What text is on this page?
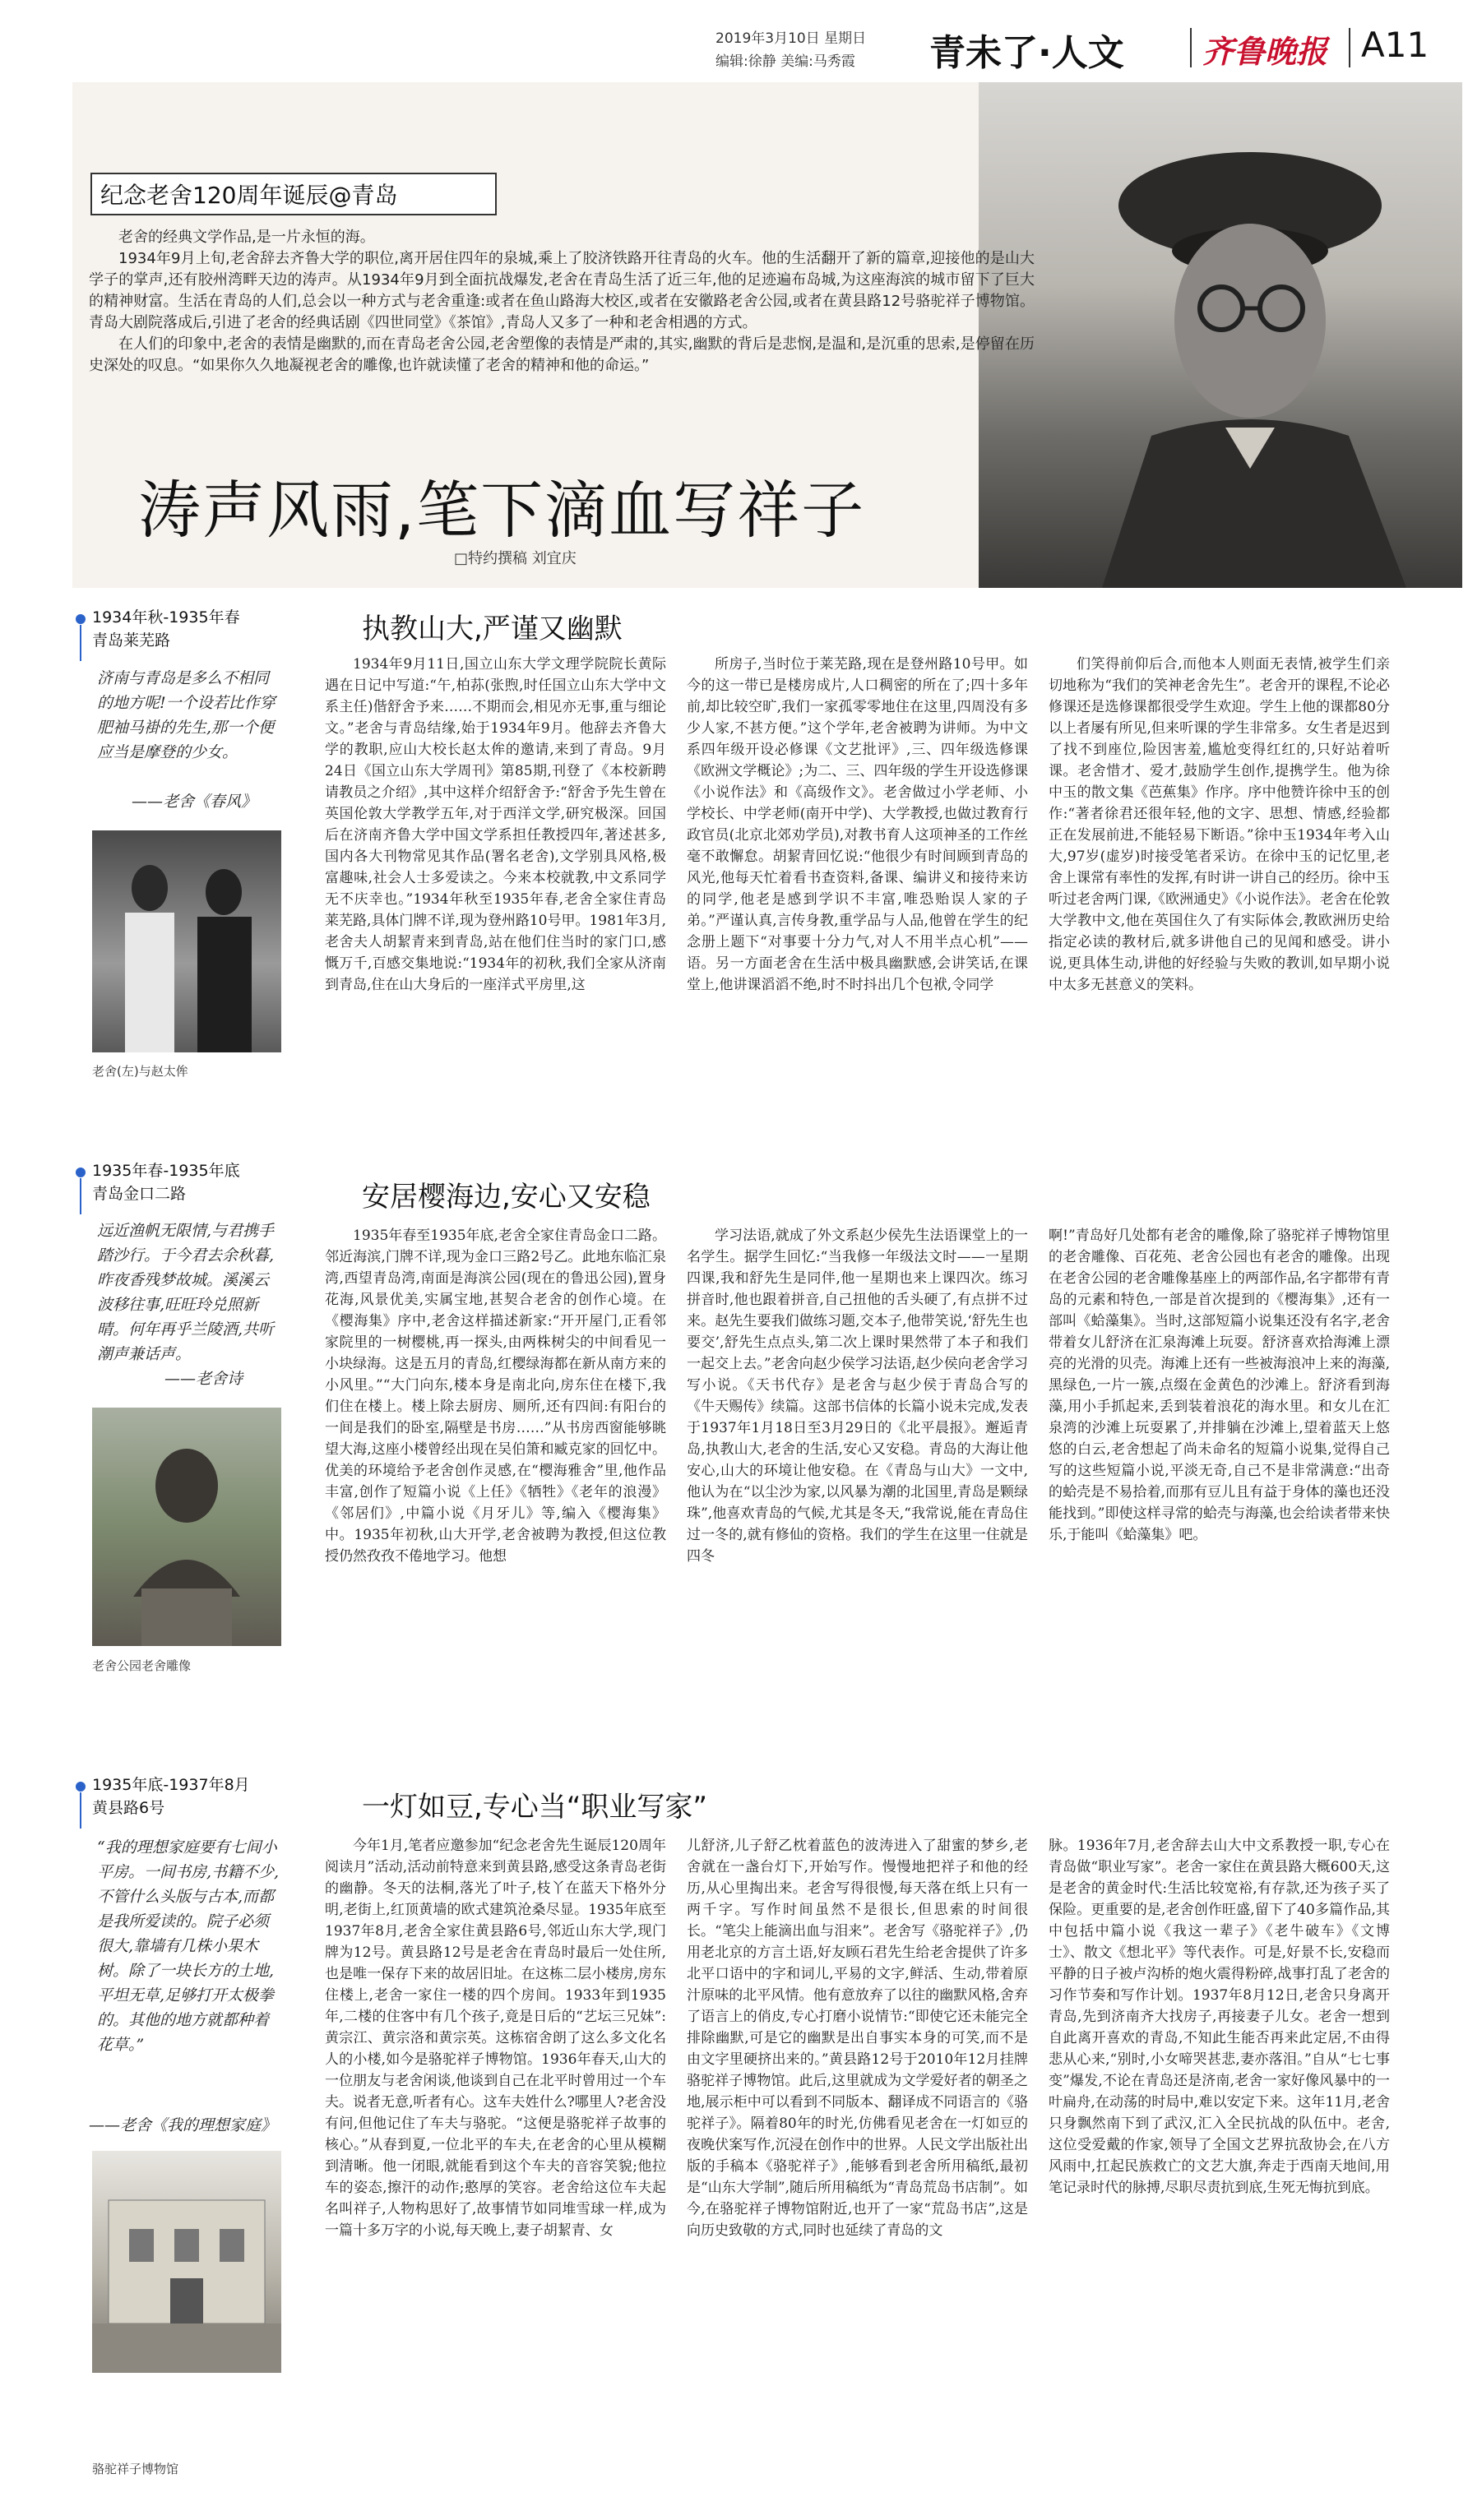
2019年3月10日 星期日
编辑:徐静 美编:马秀霞 青未了·人文	齐鲁晚报 A11
纪念老舍120周年诞辰@青岛

老舍的经典文学作品,是一片永恒的海。

1934年9月上旬,老舍辞去齐鲁大学的职位,离开居住四年的泉城,乘上了胶济铁路开往青岛的火车。他的生活翻开了新的篇章,迎接他的是山大学子的掌声,还有胶州湾畔天边的涛声。从1934年9月到全面抗战爆发,老舍在青岛生活了近三年,他的足迹遍布岛城,为这座海滨的城市留下了巨大的精神财富。生活在青岛的人们,总会以一种方式与老舍重逢:或者在鱼山路海大校区,或者在安徽路老舍公园,或者在黄县路12号骆驼祥子博物馆。青岛大剧院落成后,引进了老舍的经典话剧《四世同堂》《茶馆》,青岛人又多了一种和老舍相遇的方式。

在人们的印象中,老舍的表情是幽默的,而在青岛老舍公园,老舍塑像的表情是严肃的,其实,幽默的背后是悲悯,是温和,是沉重的思索,是停留在历史深处的叹息。“如果你久久地凝视老舍的雕像,也许就读懂了老舍的精神和他的命运。”

涛声风雨,笔下滴血写祥子
□特约撰稿 刘宜庆
1934年秋-1935年春
青岛莱芜路
济南与青岛是多么不相同的地方呢!一个设若比作穿肥袖马褂的先生,那一个便应当是摩登的少女。
——老舍《春风》
老舍(左)与赵太侔
执教山大,严谨又幽默
1934年9月11日,国立山东大学文理学院院长黄际遇在日记中写道:“午,柏荪(张煦,时任国立山东大学中文系主任)偕舒舍予来……不期而会,相见亦无事,重与细论文。”老舍与青岛结缘,始于1934年9月。他辞去齐鲁大学的教职,应山大校长赵太侔的邀请,来到了青岛。9月24日《国立山东大学周刊》第85期,刊登了《本校新聘请教员之介绍》,其中这样介绍舒舍予:“舒舍予先生曾在英国伦敦大学教学五年,对于西洋文学,研究极深。回国后在济南齐鲁大学中国文学系担任教授四年,著述甚多,国内各大刊物常见其作品(署名老舍),文学别具风格,极富趣味,社会人士多爱读之。今来本校就教,中文系同学无不庆幸也。”1934年秋至1935年春,老舍全家住青岛莱芜路,具体门牌不详,现为登州路10号甲。1981年3月,老舍夫人胡絜青来到青岛,站在他们住当时的家门口,感慨万千,百感交集地说:“1934年的初秋,我们全家从济南到青岛,住在山大身后的一座洋式平房里,这
所房子,当时位于莱芜路,现在是登州路10号甲。如今的这一带已是楼房成片,人口稠密的所在了;四十多年前,却比较空旷,我们一家孤零零地住在这里,四周没有多少人家,不甚方便。”这个学年,老舍被聘为讲师。为中文系四年级开设必修课《文艺批评》,三、四年级选修课《欧洲文学概论》;为二、三、四年级的学生开设选修课《小说作法》和《高级作文》。老舍做过小学老师、小学校长、中学老师(南开中学)、大学教授,也做过教育行政官员(北京北郊劝学员),对教书育人这项神圣的工作丝毫不敢懈怠。胡絜青回忆说:“他很少有时间顾到青岛的风光,他每天忙着看书查资料,备课、编讲义和接待来访的同学,他老是感到学识不丰富,唯恐贻误人家的子弟。”严谨认真,言传身教,重学品与人品,他曾在学生的纪念册上题下“对事要十分力气,对人不用半点心机”——语。另一方面老舍在生活中极具幽默感,会讲笑话,在课堂上,他讲课滔滔不绝,时不时抖出几个包袱,令同学
们笑得前仰后合,而他本人则面无表情,被学生们亲切地称为“我们的笑神老舍先生”。老舍开的课程,不论必修课还是选修课都很受学生欢迎。学生上他的课都80分以上者屡有所见,但来听课的学生非常多。女生者是迟到了找不到座位,险因害羞,尴尬变得红红的,只好站着听课。老舍惜才、爱才,鼓励学生创作,提携学生。他为徐中玉的散文集《芭蕉集》作序。序中他赞许徐中玉的创作:“著者徐君还很年轻,他的文字、思想、情感,经验都正在发展前进,不能轻易下断语。”徐中玉1934年考入山大,97岁(虚岁)时接受笔者采访。在徐中玉的记忆里,老舍上课常有率性的发挥,有时讲一讲自己的经历。徐中玉听过老舍两门课,《欧洲通史》《小说作法》。老舍在伦敦大学教中文,他在英国住久了有实际体会,教欧洲历史给指定必读的教材后,就多讲他自己的见闻和感受。讲小说,更具体生动,讲他的好经验与失败的教训,如早期小说中太多无甚意义的笑料。
1935年春-1935年底
青岛金口二路
远近渔帆无限情,与君携手踏沙行。于今君去余秋暮,昨夜香残梦故城。溪溪云波移往事,旺旺玲兑照新晴。何年再乎兰陵酒,共听潮声兼话声。
——老舍诗
老舍公园老舍雕像
安居樱海边,安心又安稳
1935年春至1935年底,老舍全家住青岛金口二路。邻近海滨,门牌不详,现为金口三路2号乙。此地东临汇泉湾,西望青岛湾,南面是海滨公园(现在的鲁迅公园),置身花海,风景优美,实属宝地,甚契合老舍的创作心境。在《樱海集》序中,老舍这样描述新家:“开开屋门,正看邻家院里的一树樱桃,再一探头,由两株树尖的中间看见一小块绿海。这是五月的青岛,红樱绿海都在新从南方来的小风里。”“大门向东,楼本身是南北向,房东住在楼下,我们住在楼上。楼上除去厨房、厕所,还有四间:有阳台的一间是我们的卧室,隔壁是书房……”从书房西窗能够眺望大海,这座小楼曾经出现在吴伯箫和臧克家的回忆中。优美的环境给予老舍创作灵感,在“樱海雅舍”里,他作品丰富,创作了短篇小说《上任》《牺牲》《老年的浪漫》《邻居们》,中篇小说《月牙儿》等,编入《樱海集》中。1935年初秋,山大开学,老舍被聘为教授,但这位教授仍然孜孜不倦地学习。他想
学习法语,就成了外文系赵少侯先生法语课堂上的一名学生。据学生回忆:“当我修一年级法文时——一星期四课,我和舒先生是同伴,他一星期也来上课四次。练习拼音时,他也跟着拼音,自己扭他的舌头硬了,有点拼不过来。赵先生要我们做练习题,交本子,他带笑说,‘舒先生也要交’,舒先生点点头,第二次上课时果然带了本子和我们一起交上去。”老舍向赵少侯学习法语,赵少侯向老舍学习写小说。《天书代存》是老舍与赵少侯于青岛合写的《牛天赐传》续篇。这部书信体的长篇小说未完成,发表于1937年1月18日至3月29日的《北平晨报》。邂逅青岛,执教山大,老舍的生活,安心又安稳。青岛的大海让他安心,山大的环境让他安稳。在《青岛与山大》一文中,他认为在“以尘沙为家,以风暴为潮的北国里,青岛是颗绿珠”,他喜欢青岛的气候,尤其是冬天,“我常说,能在青岛住过一冬的,就有修仙的资格。我们的学生在这里一住就是四冬
啊!”青岛好几处都有老舍的雕像,除了骆驼祥子博物馆里的老舍雕像、百花苑、老舍公园也有老舍的雕像。出现在老舍公园的老舍雕像基座上的两部作品,名字都带有青岛的元素和特色,一部是首次提到的《樱海集》,还有一部叫《蛤藻集》。当时,这部短篇小说集还没有名字,老舍带着女儿舒济在汇泉海滩上玩耍。舒济喜欢拾海滩上漂亮的光滑的贝壳。海滩上还有一些被海浪冲上来的海藻,黑绿色,一片一簇,点缀在金黄色的沙滩上。舒济看到海藻,用小手抓起来,丢到装着浪花的海水里。和女儿在汇泉湾的沙滩上玩耍累了,并排躺在沙滩上,望着蓝天上悠悠的白云,老舍想起了尚未命名的短篇小说集,觉得自己写的这些短篇小说,平淡无奇,自己不是非常满意:“出奇的蛤壳是不易拾着,而那有豆儿且有益于身体的藻也还没能找到。”即使这样寻常的蛤壳与海藻,也会给读者带来快乐,于能叫《蛤藻集》吧。
1935年底-1937年8月
黄县路6号
“我的理想家庭要有七间小平房。一间书房,书籍不少,不管什么头版与古本,而都是我所爱读的。院子必须很大,靠墙有几株小果木树。除了一块长方的土地,平坦无草,足够打开太极拳的。其他的地方就都种着花草。”
——老舍《我的理想家庭》
骆驼祥子博物馆
一灯如豆,专心当“职业写家”
今年1月,笔者应邀参加“纪念老舍先生诞辰120周年阅读月”活动,活动前特意来到黄县路,感受这条青岛老街的幽静。冬天的法桐,落光了叶子,枝丫在蓝天下格外分明,老街上,红顶黄墙的欧式建筑沧桑尽显。1935年底至1937年8月,老舍全家住黄县路6号,邻近山东大学,现门牌为12号。黄县路12号是老舍在青岛时最后一处住所,也是唯一保存下来的故居旧址。在这栋二层小楼房,房东住楼上,老舍一家住一楼的四个房间。1933年到1935年,二楼的住客中有几个孩子,竟是日后的“艺坛三兄妹”:黄宗江、黄宗洛和黄宗英。这栋宿舍朗了这么多文化名人的小楼,如今是骆驼祥子博物馆。1936年春天,山大的一位朋友与老舍闲谈,他谈到自己在北平时曾用过一个车夫。说者无意,听者有心。这车夫姓什么?哪里人?老舍没有问,但他记住了车夫与骆驼。“这便是骆驼祥子故事的核心。”从春到夏,一位北平的车夫,在老舍的心里从模糊到清晰。他一闭眼,就能看到这个车夫的音容笑貌;他拉车的姿态,擦汗的动作;憨厚的笑容。老舍给这位车夫起名叫祥子,人物构思好了,故事情节如同堆雪球一样,成为一篇十多万字的小说,每天晚上,妻子胡絜青、女
儿舒济,儿子舒乙枕着蓝色的波涛进入了甜蜜的梦乡,老舍就在一盏台灯下,开始写作。慢慢地把祥子和他的经历,从心里掏出来。老舍写得很慢,每天落在纸上只有一两千字。写作时间虽然不是很长,但思索的时间很长。“笔尖上能滴出血与泪来”。老舍写《骆驼祥子》,仍用老北京的方言土语,好友顾石君先生给老舍提供了许多北平口语中的字和词儿,平易的文字,鲜活、生动,带着原汁原味的北平风情。他有意放弃了以往的幽默风格,舍弃了语言上的俏皮,专心打磨小说情节:“即使它还未能完全排除幽默,可是它的幽默是出自事实本身的可笑,而不是由文字里硬挤出来的。”黄县路12号于2010年12月挂牌骆驼祥子博物馆。此后,这里就成为文学爱好者的朝圣之地,展示柜中可以看到不同版本、翻译成不同语言的《骆驼祥子》。隔着80年的时光,仿佛看见老舍在一灯如豆的夜晚伏案写作,沉浸在创作中的世界。人民文学出版社出版的手稿本《骆驼祥子》,能够看到老舍所用稿纸,最初是“山东大学制”,随后所用稿纸为“青岛荒岛书店制”。如今,在骆驼祥子博物馆附近,也开了一家“荒岛书店”,这是向历史致敬的方式,同时也延续了青岛的文
脉。1936年7月,老舍辞去山大中文系教授一职,专心在青岛做“职业写家”。老舍一家住在黄县路大概600天,这是老舍的黄金时代:生活比较宽裕,有存款,还为孩子买了保险。更重要的是,老舍创作旺盛,留下了40多篇作品,其中包括中篇小说《我这一辈子》《老牛破车》《文博士》、散文《想北平》等代表作。可是,好景不长,安稳而平静的日子被卢沟桥的炮火震得粉碎,战事打乱了老舍的习作节奏和写作计划。1937年8月12日,老舍只身离开青岛,先到济南齐大找房子,再接妻子儿女。老舍一想到自此离开喜欢的青岛,不知此生能否再来此定居,不由得悲从心来,“别时,小女啼哭甚悲,妻亦落泪。”自从“七七事变”爆发,不论在青岛还是济南,老舍一家好像风暴中的一叶扁舟,在动荡的时局中,难以安定下来。这年11月,老舍只身飘然南下到了武汉,汇入全民抗战的队伍中。老舍,这位受爱戴的作家,领导了全国文艺界抗敌协会,在八方风雨中,扛起民族救亡的文艺大旗,奔走于西南天地间,用笔记录时代的脉搏,尽职尽责抗到底,生死无悔抗到底。
